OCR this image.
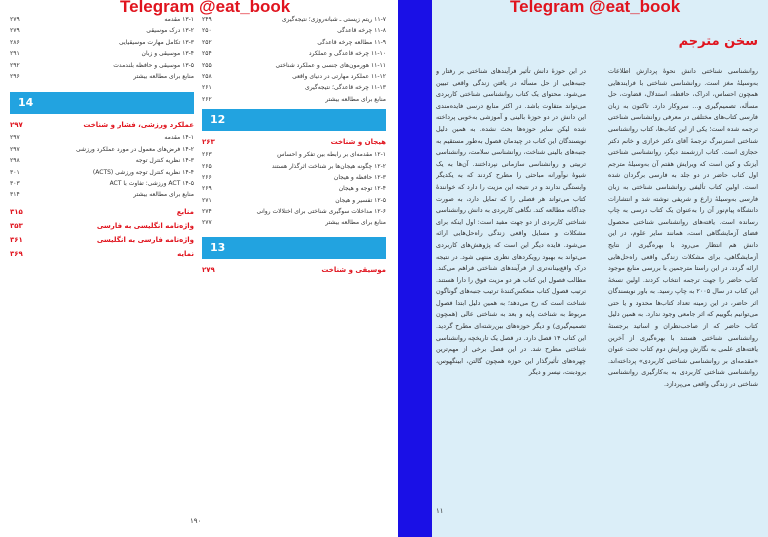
Telegram @eat_book
۱۱-۷ ریتم زیستی ـ شبانه‌روزی؛ نتیجه‌گیری
۲۴۹
۱۱-۸ چرخه قاعدگی
۲۵۰
۱۱-۹ مطالعه چرخه قاعدگی
۲۵۲
۱۱-۱۰ چرخه قاعدگی و عملکرد
۲۵۴
۱۱-۱۱ هورمون‌های جنسی و عملکرد شناختی
۲۵۵
۱۱-۱۲ عملکرد مهارتی در دنیای واقعی
۲۵۸
۱۱-۱۳ چرخه قاعدگی؛ نتیجه‌گیری
۲۶۱
منابع برای مطالعه بیشتر
۲۶۲
12
هیجان و شناخت
۲۶۳
۱۲-۱ مقدمه‌ای بر رابطه بین تفکر و احساس
۲۶۳
۱۲-۲ چگونه هیجان‌ها بر شناخت اثرگذار هستند
۲۶۵
۱۲-۳ حافظه و هیجان
۲۶۶
۱۲-۴ توجه و هیجان
۲۶۹
۱۲-۵ تفسیر و هیجان
۲۷۱
۱۲-۶ مداخلات سوگیری شناختی برای اختلالات روانی
۲۷۴
منابع برای مطالعه بیشتر
۲۷۷
13
موسیقی و شناخت
۲۷۹
۱۳-۱ مقدمه
۲۷۹
۱۳-۲ درک موسیقی
۲۷۹
۱۳-۳ تکامل مهارت موسیقیایی
۲۸۶
۱۳-۴ موسیقی و زبان
۲۹۱
۱۳-۵ موسیقی و حافظه بلندمدت
۲۹۲
منابع برای مطالعه بیشتر
۲۹۶
14
عملکرد ورزشی، فشار و شناخت
۲۹۷
۱۴-۱ مقدمه
۲۹۷
۱۴-۲ فرض‌های معمول در مورد عملکرد ورزشی
۲۹۷
۱۴-۳ نظریه کنترل توجه
۲۹۸
۱۴-۴ نظریه کنترل توجه ورزشی (ACTS)
۳۰۱
۱۴-۵ ACT ورزشی: تفاوت با ACT
۳۰۳
منابع برای مطالعه بیشتر
۳۱۴
منابع
۳۱۵
واژه‌نامه انگلیسی به فارسی
۳۵۳
واژه‌نامه فارسی به انگلیسی
۳۶۱
نمایه
۳۶۹
۱۹۰
Telegram @eat_book
سخن مترجم
روانشناسی شناختی دانش نحوهٔ پردازش اطلاعات به‌وسیلهٔ مغز است. روانشناسی شناختی با فرایندهایی همچون احساس، ادراک، حافظه، استدلال، قضاوت، حل مسأله، تصمیم‌گیری و... سروکار دارد. تاکنون به زبان فارسی کتاب‌های مختلفی در معرفی روانشناسی شناختی ترجمه شده است؛ یکی از این کتاب‌ها، کتاب روانشناسی شناختی استرنبرگ ترجمهٔ آقای دکتر خرازی و خانم دکتر حجازی است. کتاب ارزشمند دیگر، روانشناسی شناختی آیزنک و کین است که ویرایش هفتم آن به‌وسیلهٔ مترجم اول کتاب حاضر در دو جلد به فارسی برگردان شده است. اولین کتاب تألیفی روانشناسی شناختی به زبان فارسی به‌وسیلهٔ زارع و شریفی نوشته شد و انتشارات دانشگاه پیام‌نور آن را به‌عنوان یک کتاب درسی به چاپ رسانده است. یافته‌های روانشناسی شناختی محصول فضای آزمایشگاهی است، همانند سایر علوم، در این دانش هم انتظار می‌رود با بهره‌گیری از نتایج آزمایشگاهی، برای مشکلات زندگی واقعی راه‌حل‌هایی ارائه گردد. در این راستا مترجمین با بررسی منابع موجود کتاب حاضر را جهت ترجمه انتخاب کردند. اولین نسخهٔ این کتاب در سال ۲۰۰۵ به چاپ رسید. به باور نویسندگان اثر حاضر، در این زمینه تعداد کتاب‌ها محدود و یا حتی می‌توانیم بگوییم که اثر جامعی وجود ندارد. به همین دلیل کتاب حاضر که از صاحب‌نظران و اساتید برجستهٔ روانشناسی شناختی هستند با بهره‌گیری از آخرین یافته‌های علمی به نگارش ویرایش دوم کتاب تحت عنوان «مقدمه‌ای بر روانشناسی شناختی کاربردی» پرداخته‌اند. روانشناسی شناختی کاربردی به به‌کارگیری روانشناسی شناختی در زندگی واقعی می‌پردازد.
در این حوزهٔ دانش تأثیر فرآیندهای شناختی بر رفتار و جنبه‌هایی از حل مسأله در یافتن زندگی واقعی تبیین می‌شود. محتوای یک کتاب روانشناسی شناختی کاربردی می‌تواند متفاوت باشد. در اکثر منابع درسی فایده‌مندی این دانش در دو حوزهٔ بالینی و آموزشی به‌خوبی پرداخته شده لیکن سایر حوزه‌ها بحث نشده. به همین دلیل نویسندگان این کتاب در چیدمان فصول به‌طور مستقیم به جنبه‌های بالینی شناخت، روانشناسی سلامت، روانشناسی تربیتی و روانشناسی سازمانی نپرداختند. آن‌ها به یک شیوهٔ نوآورانه مباحثی را مطرح کردند که به یکدیگر وابستگی ندارند و در نتیجه این مزیت را دارد که خوانندهٔ کتاب می‌تواند هر فصلی را که تمایل دارد، به صورت جداگانه مطالعه کند. نگاهی کاربردی به دانش روانشناسی شناختی کاربردی از دو جهت مفید است: اول اینکه برای مشکلات و مسایل واقعی زندگی راه‌حل‌هایی ارائه می‌شود. فایده دیگر این است که پژوهش‌های کاربردی می‌تواند به بهبود رویکردهای نظری منتهی شود. در نتیجه درک واقع‌بینانه‌تری از فرآیندهای شناختی فراهم می‌کند. مطالب فصول این کتاب هر دو مزیت فوق را دارا هستند. ترتیب فصول کتاب منعکس‌کنندهٔ ترتیب جنبه‌های گوناگون شناخت است که رخ می‌دهد؛ به همین دلیل ابتدا فصول مربوط به شناخت پایه و بعد به شناختی عالی (همچون تصمیم‌گیری) و دیگر حوزه‌های بین‌رشته‌ای مطرح گردید. این کتاب ۱۴ فصل دارد. در فصل یک تاریخچه روانشناسی شناختی مطرح شد. در این فصل برخی از مهم‌ترین چهره‌های تأثیرگذار این حوزه همچون گالتن، ابینگهوس، برودبنت، نیسر و دیگر
۱۱
